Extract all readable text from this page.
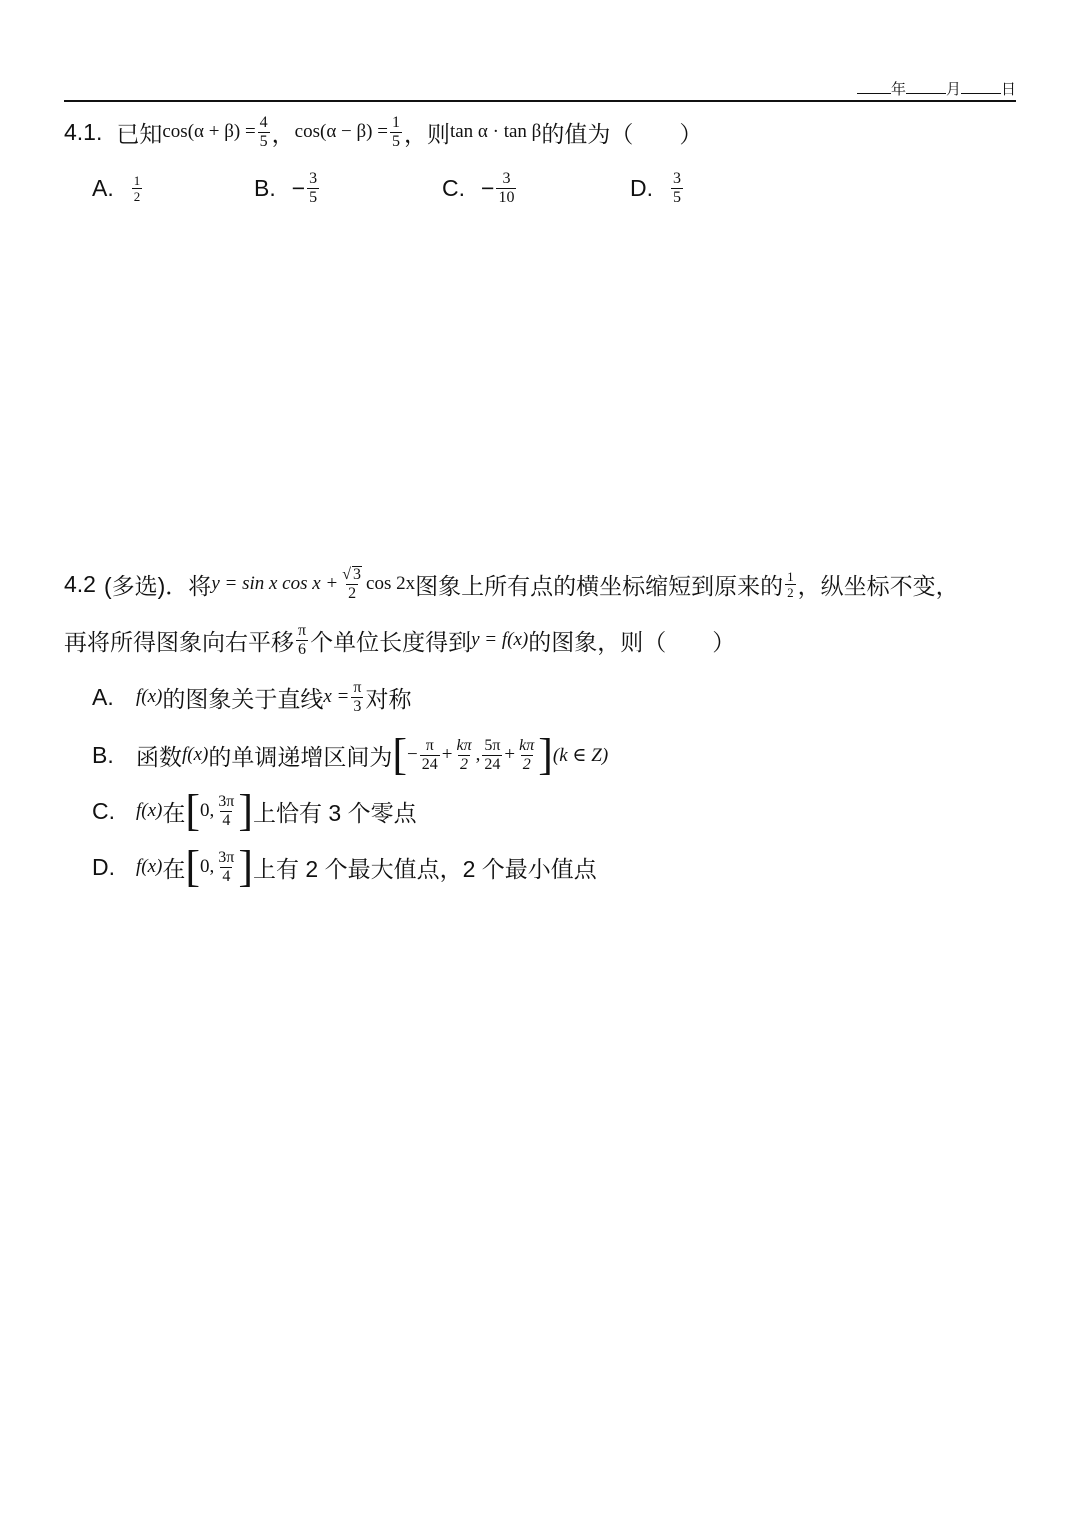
年	月	日
4.1. 已知 $\cos(\alpha + \beta) = \frac{4}{5}$ ， $\cos(\alpha - \beta) = \frac{1}{5}$ ，则 tan α · tan β 的值为（　　）
A. $\frac{1}{2}$	B. − $\frac{3}{5}$	C. − $\frac{3}{10}$	D. $\frac{3}{5}$
4.2 (多选)．将 y = sin x $\cos x + \frac{√ 3}{2}$ cos 2x 图象上所有点的横坐标缩短到原来的 $\frac{1}{2}$ ，纵坐标不变，
再将所得图象向右平移 $\frac{\pi}{6}$ 个单位长度得到 y = f(x) 的图象，则（　　）
A.	f(x) 的图象关于直线 $x = \frac{\pi}{3}$ 对称
B. 函数 f(x) 的单调递增区间为 [ − $\frac{\pi}{24} + \frac{k\pi}{2}$ , $\frac{5\pi}{24} + \frac{k\pi}{2}$ ] (k ∈ Z)
C.	f(x) 在 [ 0, $\frac{3\pi}{4}$ ] 上恰有 3 个零点
D.	f(x) 在 [ 0, $\frac{3\pi}{4}$ ] 上有 2 个最大值点，2 个最小值点
